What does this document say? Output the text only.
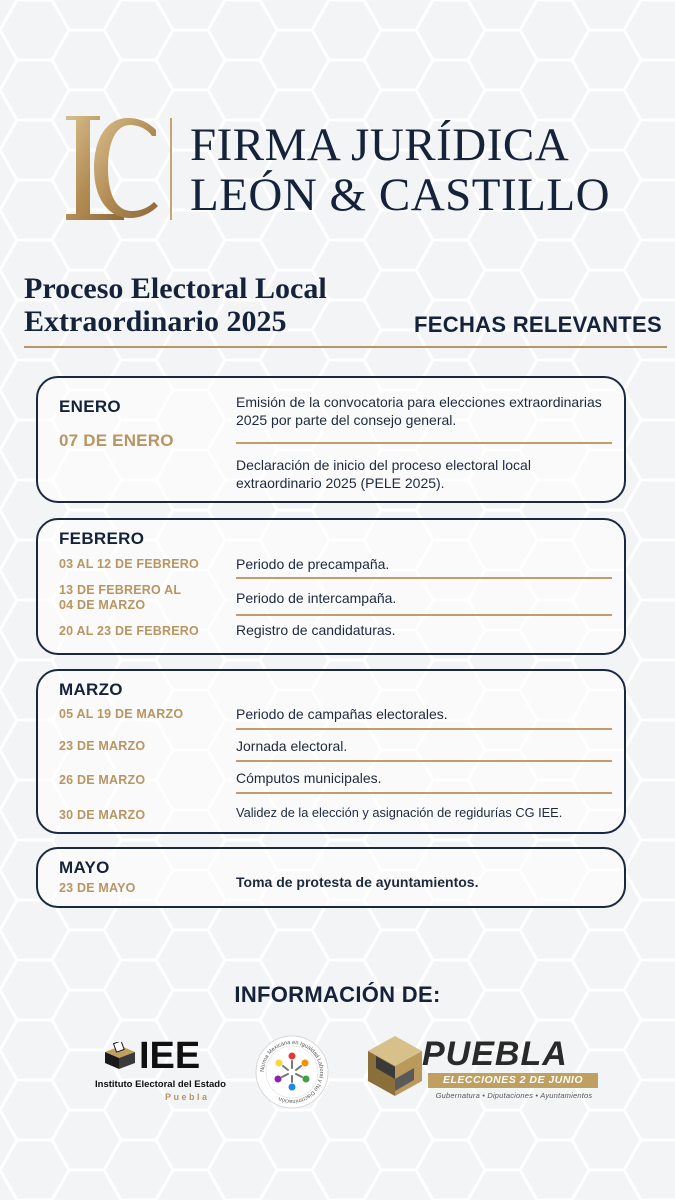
FIRMA JURÍDICA
LEÓN & CASTILLO
Proceso Electoral Local
Extraordinario 2025	FECHAS RELEVANTES
ENERO
07 DE ENERO
Emisión de la convocatoria para elecciones extraordinarias 2025 por parte del consejo general.
Declaración de inicio del proceso electoral local extraordinario 2025 (PELE 2025).
FEBRERO
03 AL 12 DE FEBRERO	Periodo de precampaña.
13 DE FEBRERO AL 04 DE MARZO	Periodo de intercampaña.
20 AL 23 DE FEBRERO	Registro de candidaturas.
MARZO
05 AL 19 DE MARZO	Periodo de campañas electorales.
23 DE MARZO	Jornada electoral.
26 DE MARZO	Cómputos municipales.
30 DE MARZO	Validez de la elección y asignación de regidurías CG IEE.
MAYO
23 DE MAYO	Toma de protesta de ayuntamientos.
INFORMACIÓN DE:
IEE
Instituto Electoral del Estado
Puebla
Norma Mexicana en Igualdad Laboral y No Discriminación
PUEBLA
ELECCIONES 2 DE JUNIO
Gubernatura • Diputaciones • Ayuntamientos
